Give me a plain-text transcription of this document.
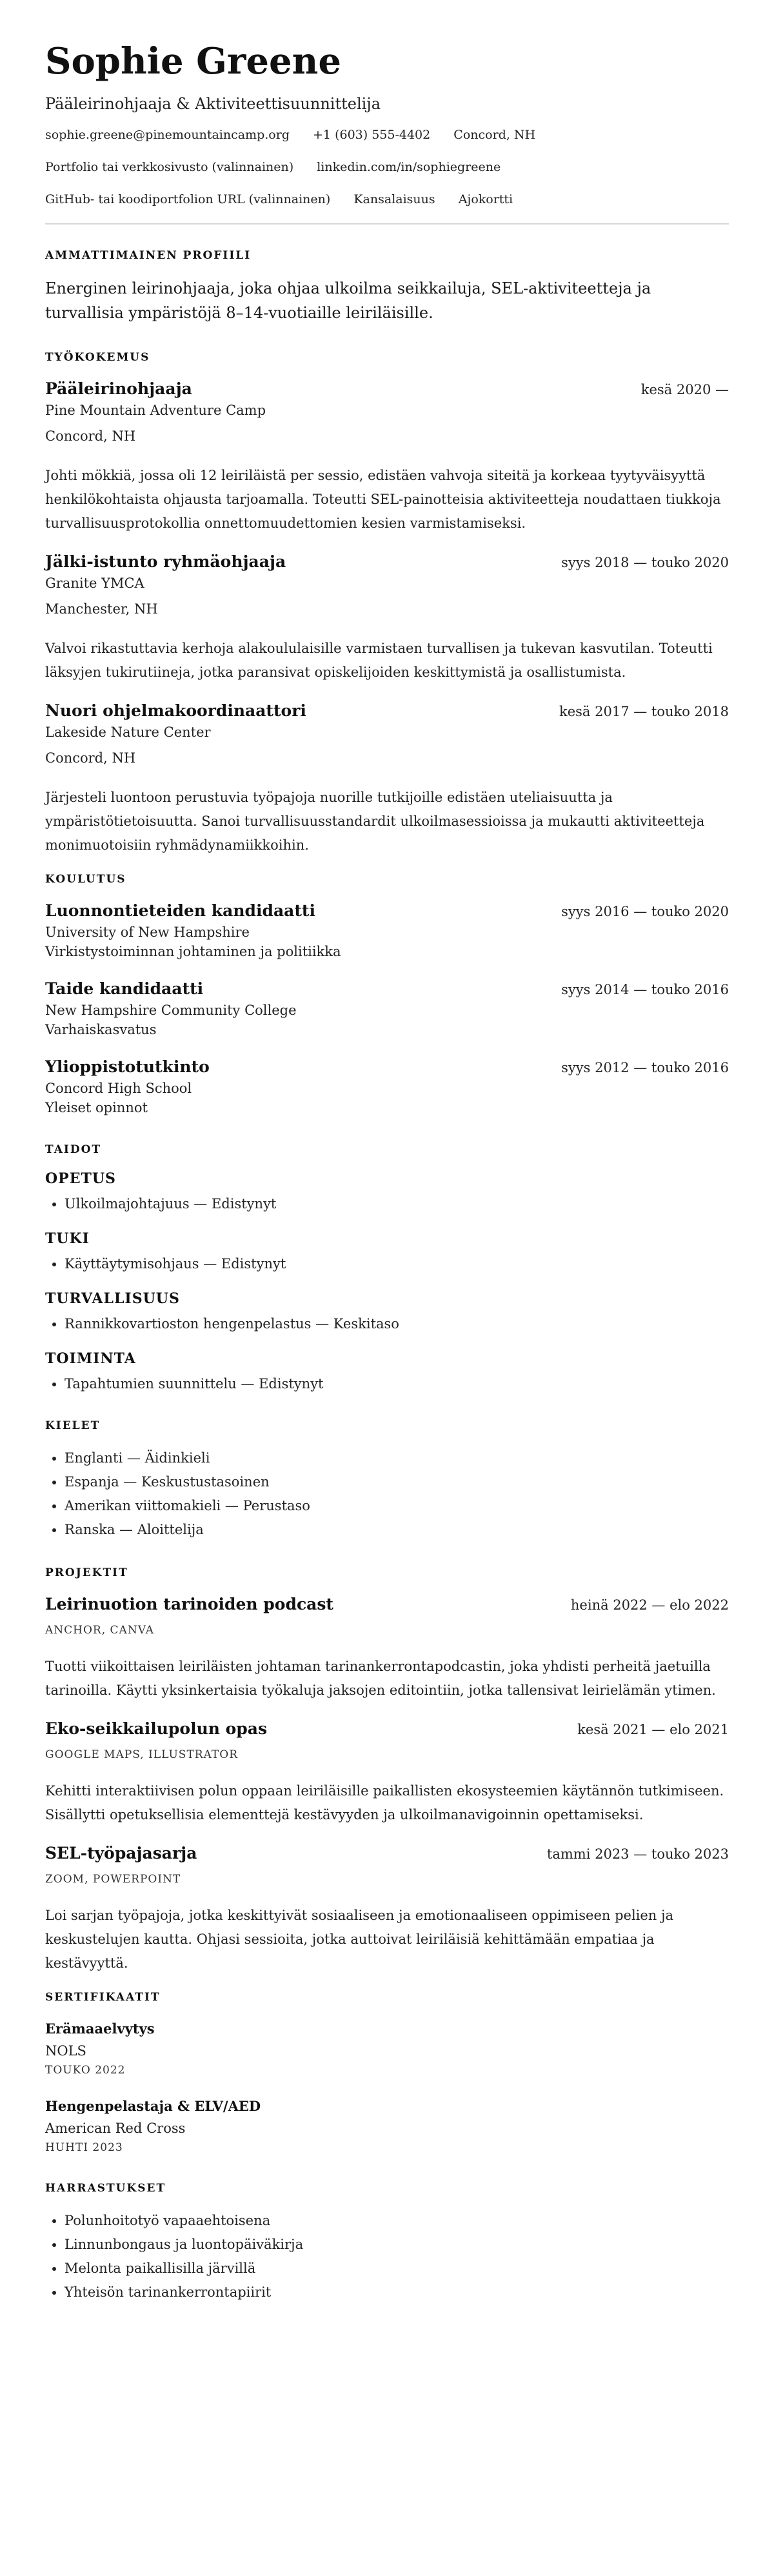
Sophie Greene
Pääleirinohjaaja & Aktiviteettisuunnittelija
sophie.greene@pinemountaincamp.org +1 (603) 555-4402 Concord, NH
Portfolio tai verkkosivusto (valinnainen) linkedin.com/in/sophiegreene
GitHub- tai koodiportfolion URL (valinnainen) Kansalaisuus Ajokortti
AMMATTIMAINEN PROFIILI
Energinen leirinohjaaja, joka ohjaa ulkoilma seikkailuja, SEL-aktiviteetteja ja turvallisia ympäristöjä 8–14-vuotiaille leiriläisille.
TYÖKOKEMUS
Pääleirinohjaaja	kesä 2020 —
Pine Mountain Adventure Camp
Concord, NH
Johti mökkiä, jossa oli 12 leiriläistä per sessio, edistäen vahvoja siteitä ja korkeaa tyytyväisyyttä henkilökohtaista ohjausta tarjoamalla. Toteutti SEL-painotteisia aktiviteetteja noudattaen tiukkoja turvallisuusprotokollia onnettomuudettomien kesien varmistamiseksi.
Jälki-istunto ryhmäohjaaja	syys 2018 — touko 2020
Granite YMCA
Manchester, NH
Valvoi rikastuttavia kerhoja alakoululaisille varmistaen turvallisen ja tukevan kasvutilan. Toteutti läksyjen tukirutiineja, jotka paransivat opiskelijoiden keskittymistä ja osallistumista.
Nuori ohjelmakoordinaattori	kesä 2017 — touko 2018
Lakeside Nature Center
Concord, NH
Järjesteli luontoon perustuvia työpajoja nuorille tutkijoille edistäen uteliaisuutta ja ympäristötietoisuutta. Sanoi turvallisuusstandardit ulkoilmasessioissa ja mukautti aktiviteetteja monimuotoisiin ryhmädynamiikkoihin.
KOULUTUS
Luonnontieteiden kandidaatti	syys 2016 — touko 2020
University of New Hampshire
Virkistystoiminnan johtaminen ja politiikka
Taide kandidaatti	syys 2014 — touko 2016
New Hampshire Community College
Varhaiskasvatus
Ylioppistotutkinto	syys 2012 — touko 2016
Concord High School
Yleiset opinnot
TAIDOT
OPETUS
• Ulkoilmajohtajuus — Edistynyt
TUKI
• Käyttäytymisohjaus — Edistynyt
TURVALLISUUS
• Rannikkovartioston hengenpelastus — Keskitaso
TOIMINTA
• Tapahtumien suunnittelu — Edistynyt
KIELET
• Englanti — Äidinkieli
• Espanja — Keskustustasoinen
• Amerikan viittomakieli — Perustaso
• Ranska — Aloittelija
PROJEKTIT
Leirinuotion tarinoiden podcast	heinä 2022 — elo 2022
ANCHOR, CANVA
Tuotti viikoittaisen leiriläisten johtaman tarinankerrontapodcastin, joka yhdisti perheitä jaetuilla tarinoilla. Käytti yksinkertaisia työkaluja jaksojen editointiin, jotka tallensivat leirielämän ytimen.
Eko-seikkailupolun opas	kesä 2021 — elo 2021
GOOGLE MAPS, ILLUSTRATOR
Kehitti interaktiivisen polun oppaan leiriläisille paikallisten ekosysteemien käytännön tutkimiseen. Sisällytti opetuksellisia elementtejä kestävyyden ja ulkoilmanavigoinnin opettamiseksi.
SEL-työpajasarja	tammi 2023 — touko 2023
ZOOM, POWERPOINT
Loi sarjan työpajoja, jotka keskittyivät sosiaaliseen ja emotionaaliseen oppimiseen pelien ja keskustelujen kautta. Ohjasi sessioita, jotka auttoivat leiriläisiä kehittämään empatiaa ja kestävyyttä.
SERTIFIKAATIT
Erämaaelvytys
NOLS
TOUKO 2022
Hengenpelastaja & ELV/AED
American Red Cross
HUHTI 2023
HARRASTUKSET
• Polunhoitotyö vapaaehtoisena
• Linnunbongaus ja luontopäiväkirja
• Melonta paikallisilla järvillä
• Yhteisön tarinankerrontapiirit
